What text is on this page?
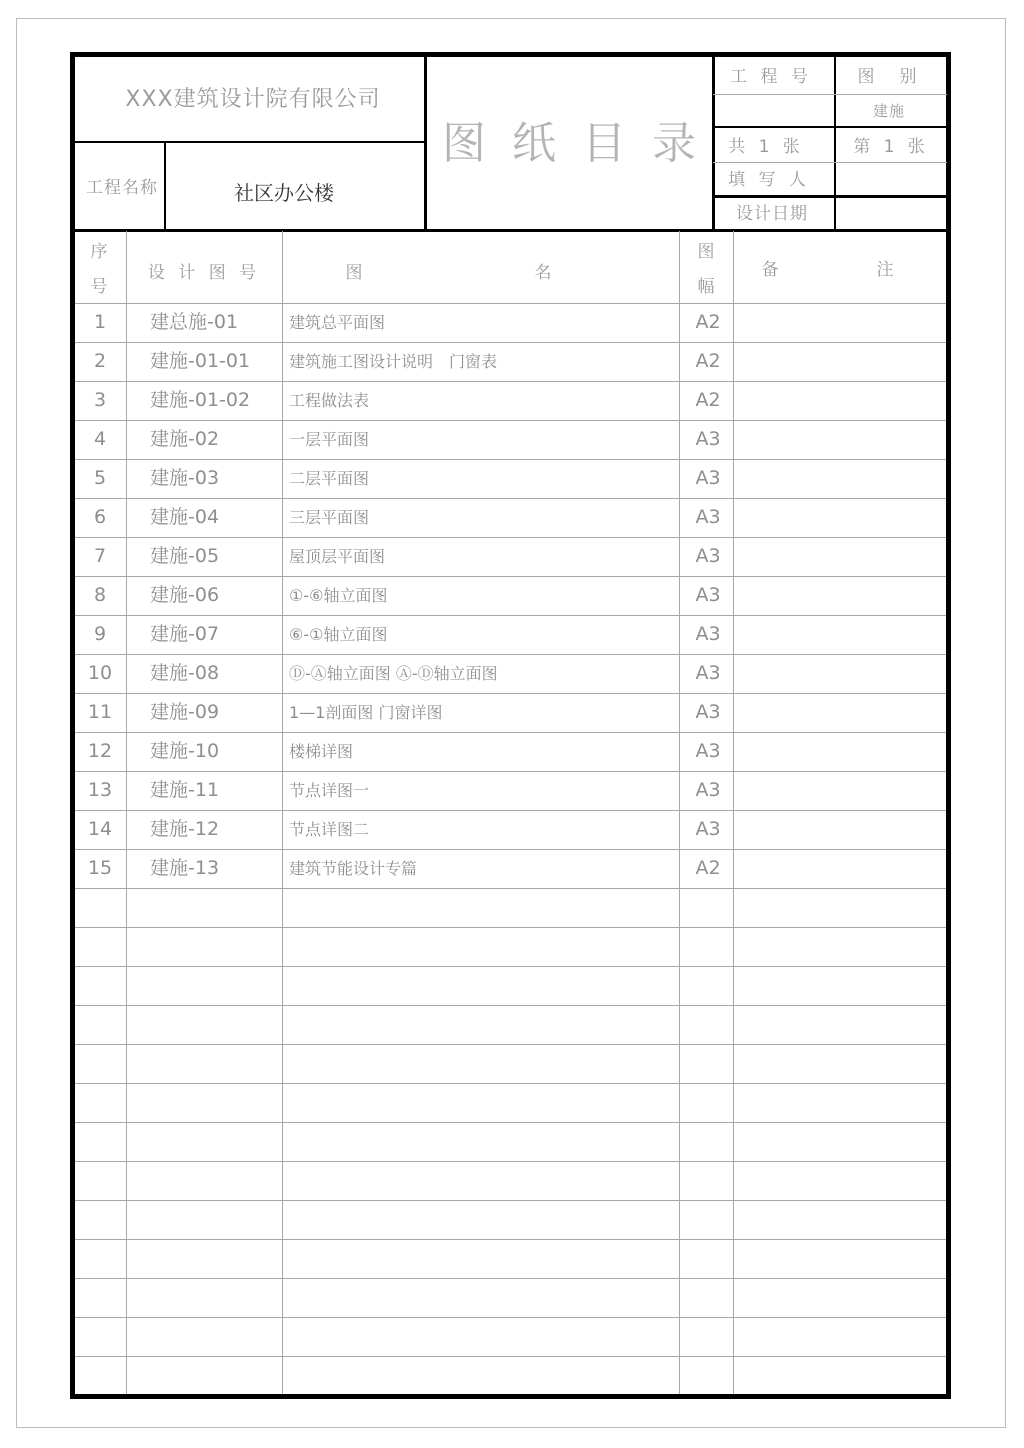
XXX建筑设计院有限公司
图纸目录
工程名称	社区办公楼
工 程 号	图　别
建施
共 1 张	第 1 张
填 写 人
设计日期
序
号
设 计 图 号	图	名
图
幅
备	注
1 建总施-01	建筑总平面图	A2
2 建施-01-01 建筑施工图设计说明　门窗表	A2
3 建施-01-02 工程做法表	A2
4 建施-02	一层平面图	A3
5 建施-03	二层平面图	A3
6 建施-04	三层平面图	A3
7 建施-05	屋顶层平面图	A3
8 建施-06	①-⑥轴立面图	A3
9 建施-07	⑥-①轴立面图	A3
10 建施-08	Ⓓ-Ⓐ轴立面图 Ⓐ-Ⓓ轴立面图	A3
11 建施-09	1—1剖面图 门窗详图	A3
12 建施-10	楼梯详图	A3
13 建施-11	节点详图一	A3
14 建施-12	节点详图二	A3
15 建施-13	建筑节能设计专篇	A2
